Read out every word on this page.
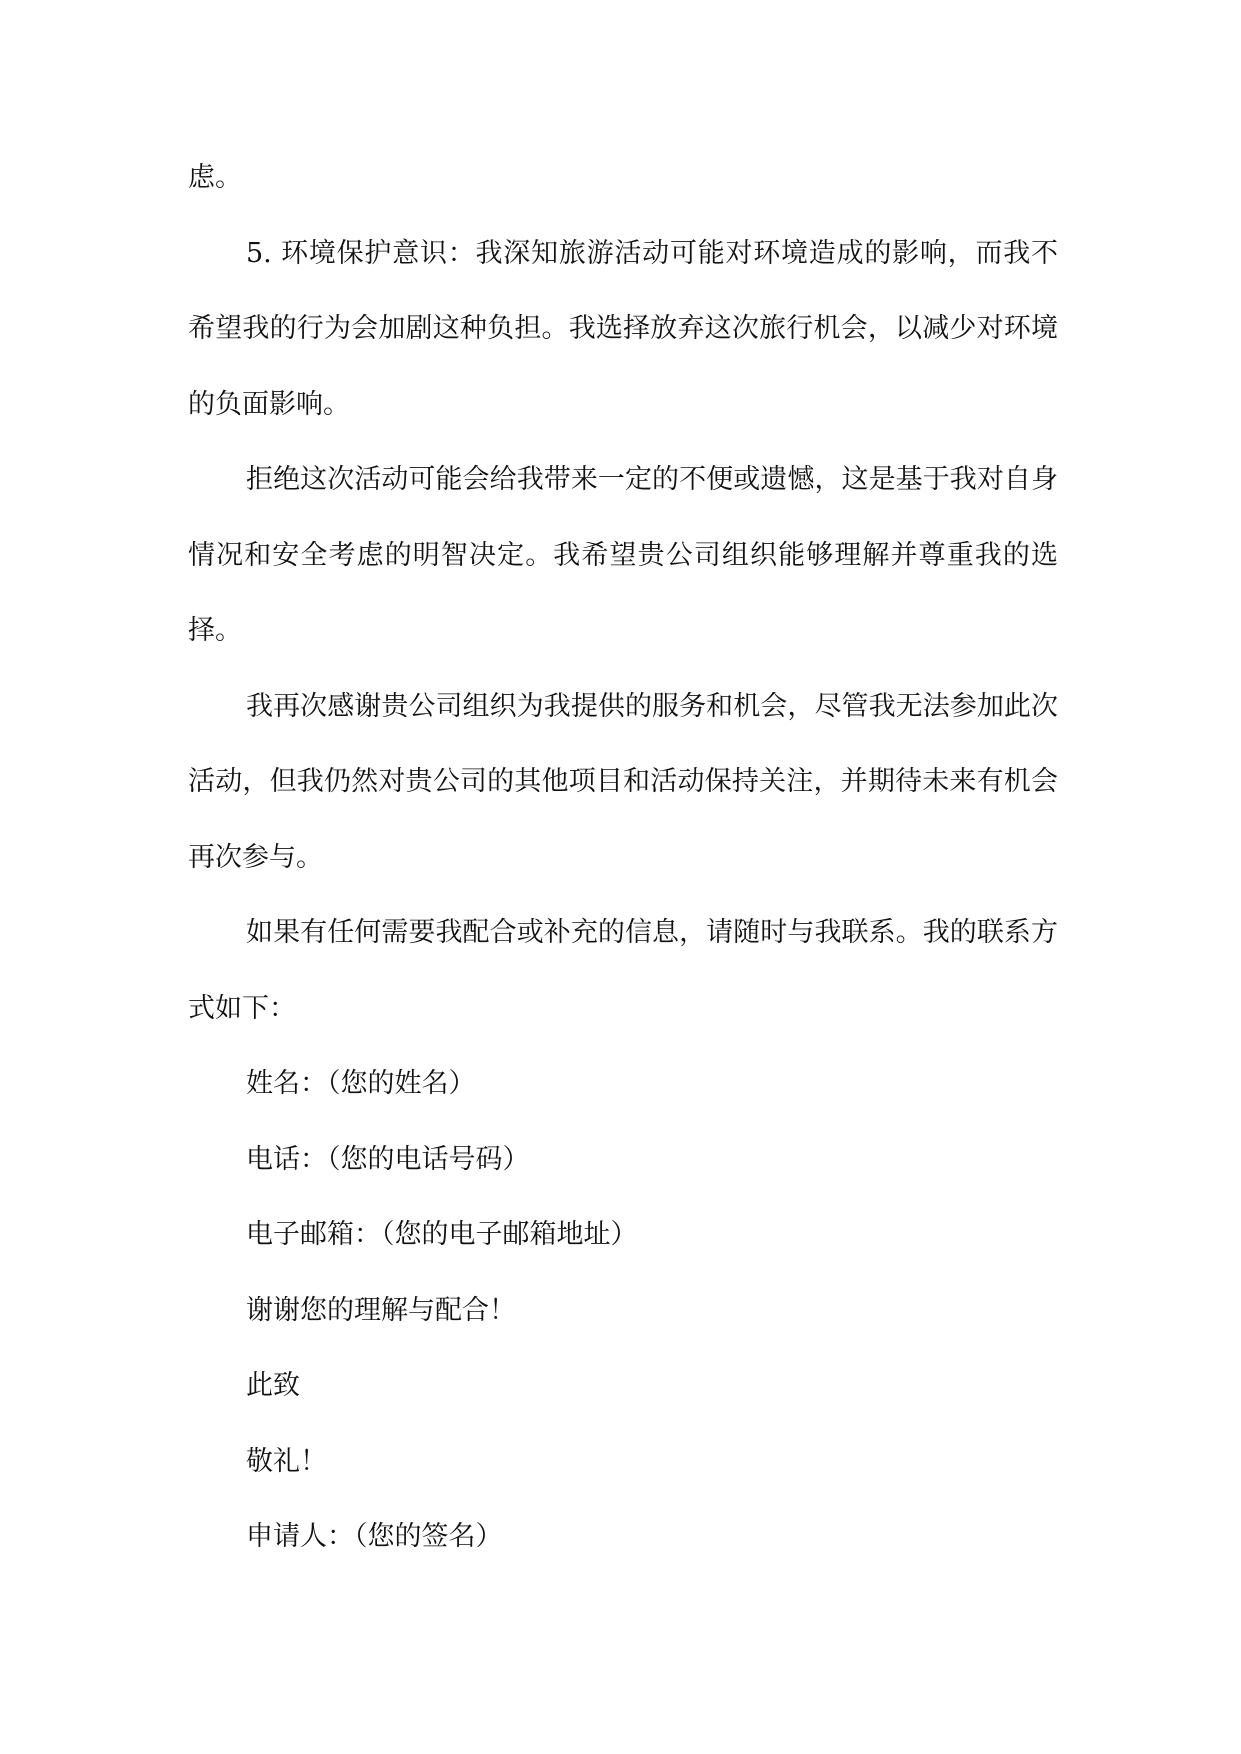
虑。

5. 环境保护意识：我深知旅游活动可能对环境造成的影响，而我不希望我的行为会加剧这种负担。我选择放弃这次旅行机会，以减少对环境的负面影响。

拒绝这次活动可能会给我带来一定的不便或遗憾，这是基于我对自身情况和安全考虑的明智决定。我希望贵公司组织能够理解并尊重我的选择。

我再次感谢贵公司组织为我提供的服务和机会，尽管我无法参加此次活动，但我仍然对贵公司的其他项目和活动保持关注，并期待未来有机会再次参与。

如果有任何需要我配合或补充的信息，请随时与我联系。我的联系方式如下：

姓名：（您的姓名）
电话：（您的电话号码）
电子邮箱：（您的电子邮箱地址）
谢谢您的理解与配合！
此致
敬礼！
申请人：（您的签名）
